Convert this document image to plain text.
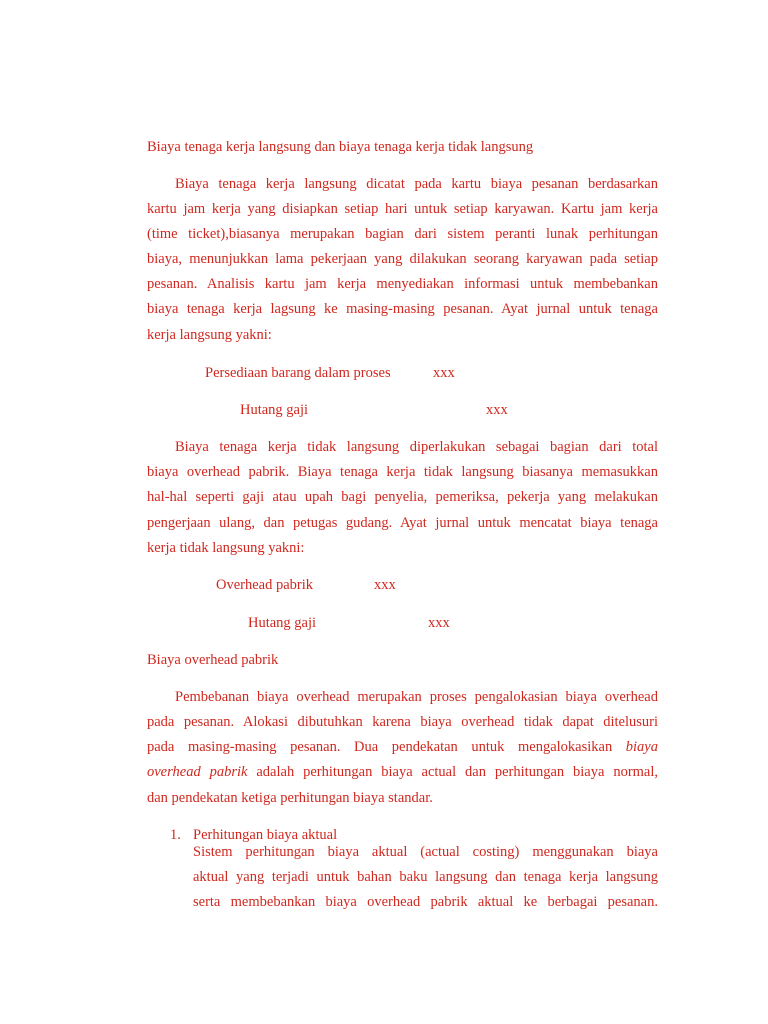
Biaya tenaga kerja langsung dan biaya tenaga kerja tidak langsung
Biaya tenaga kerja langsung dicatat pada kartu biaya pesanan berdasarkan
kartu jam kerja yang disiapkan setiap hari untuk setiap karyawan. Kartu jam kerja
(time ticket),biasanya merupakan bagian dari sistem peranti lunak perhitungan
biaya, menunjukkan lama pekerjaan yang dilakukan seorang karyawan pada setiap
pesanan. Analisis kartu jam kerja menyediakan informasi untuk membebankan
biaya tenaga kerja lagsung ke masing-masing pesanan. Ayat jurnal untuk tenaga
kerja langsung yakni:
Persediaan barang dalam proses	xxx
Hutang gaji	xxx
Biaya tenaga kerja tidak langsung diperlakukan sebagai bagian dari total
biaya overhead pabrik. Biaya tenaga kerja tidak langsung biasanya memasukkan
hal-hal seperti gaji atau upah bagi penyelia, pemeriksa, pekerja yang melakukan
pengerjaan ulang, dan petugas gudang. Ayat jurnal untuk mencatat biaya tenaga
kerja tidak langsung yakni:
Overhead pabrik	xxx
Hutang gaji	xxx
Biaya overhead pabrik
Pembebanan biaya overhead merupakan proses pengalokasian biaya overhead
pada pesanan. Alokasi dibutuhkan karena biaya overhead tidak dapat ditelusuri
pada masing-masing pesanan. Dua pendekatan untuk mengalokasikan biaya
overhead pabrik adalah perhitungan biaya actual dan perhitungan biaya normal,
dan pendekatan ketiga perhitungan biaya standar.
1. Perhitungan biaya aktual
Sistem perhitungan biaya aktual (actual costing) menggunakan biaya
aktual yang terjadi untuk bahan baku langsung dan tenaga kerja langsung
serta membebankan biaya overhead pabrik aktual ke berbagai pesanan.
